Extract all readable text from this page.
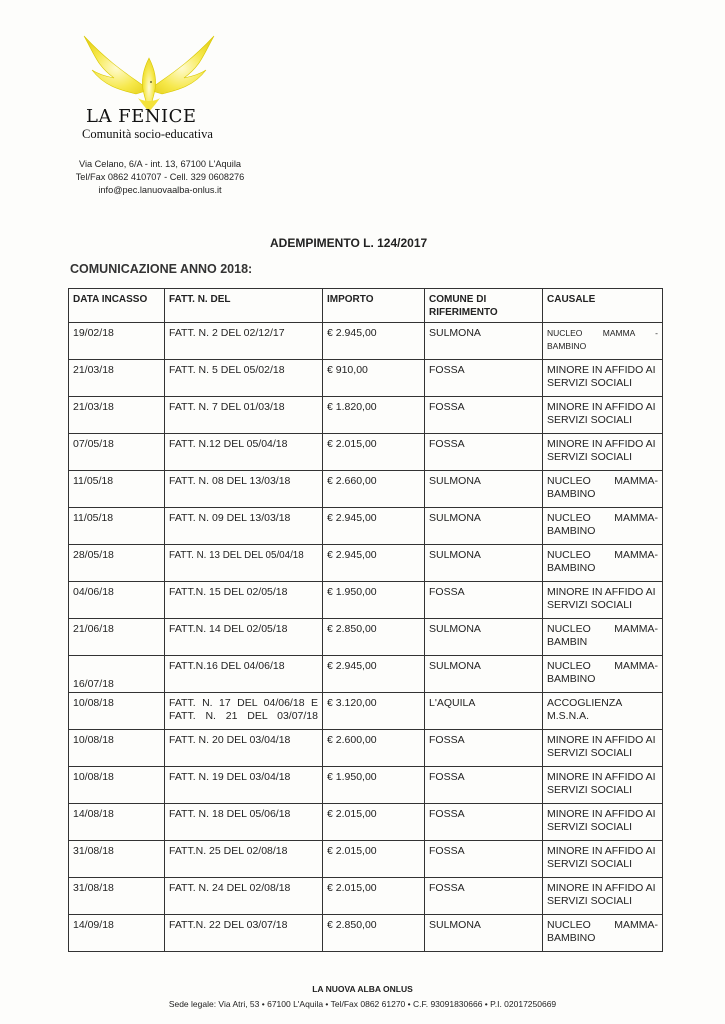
LA FENICE
Comunità socio-educativa
Via Celano, 6/A - int. 13, 67100 L'Aquila
Tel/Fax 0862 410707 - Cell. 329 0608276
info@pec.lanuovaalba-onlus.it
ADEMPIMENTO L. 124/2017
COMUNICAZIONE ANNO 2018:
DATA INCASSO	FATT. N. DEL	IMPORTO	COMUNE DI RIFERIMENTO	CAUSALE
19/02/18	FATT. N. 2 DEL 02/12/17	€ 2.945,00	SULMONA	NUCLEO MAMMA - BAMBINO
21/03/18	FATT. N. 5 DEL 05/02/18	€ 910,00	FOSSA	MINORE IN AFFIDO AI SERVIZI SOCIALI
21/03/18	FATT. N. 7 DEL 01/03/18	€ 1.820,00	FOSSA	MINORE IN AFFIDO AI SERVIZI SOCIALI
07/05/18	FATT. N.12 DEL 05/04/18	€ 2.015,00	FOSSA	MINORE IN AFFIDO AI SERVIZI SOCIALI
11/05/18	FATT. N. 08 DEL 13/03/18	€ 2.660,00	SULMONA	NUCLEO MAMMA-BAMBINO
11/05/18	FATT. N. 09 DEL 13/03/18	€ 2.945,00	SULMONA	NUCLEO MAMMA-BAMBINO
28/05/18	FATT. N. 13 DEL DEL 05/04/18	€ 2.945,00	SULMONA	NUCLEO MAMMA-BAMBINO
04/06/18	FATT.N. 15 DEL 02/05/18	€ 1.950,00	FOSSA	MINORE IN AFFIDO AI SERVIZI SOCIALI
21/06/18	FATT.N. 14 DEL 02/05/18	€ 2.850,00	SULMONA	NUCLEO MAMMA-BAMBIN
16/07/18	FATT.N.16 DEL 04/06/18	€ 2.945,00	SULMONA	NUCLEO MAMMA-BAMBINO
10/08/18	FATT. N. 17 DEL 04/06/18 E FATT. N. 21 DEL 03/07/18	€ 3.120,00	L'AQUILA	ACCOGLIENZA M.S.N.A.
10/08/18	FATT. N. 20 DEL 03/04/18	€ 2.600,00	FOSSA	MINORE IN AFFIDO AI SERVIZI SOCIALI
10/08/18	FATT. N. 19 DEL 03/04/18	€ 1.950,00	FOSSA	MINORE IN AFFIDO AI SERVIZI SOCIALI
14/08/18	FATT. N. 18 DEL 05/06/18	€ 2.015,00	FOSSA	MINORE IN AFFIDO AI SERVIZI SOCIALI
31/08/18	FATT.N. 25 DEL 02/08/18	€ 2.015,00	FOSSA	MINORE IN AFFIDO AI SERVIZI SOCIALI
31/08/18	FATT. N. 24 DEL 02/08/18	€ 2.015,00	FOSSA	MINORE IN AFFIDO AI SERVIZI SOCIALI
14/09/18	FATT.N. 22 DEL 03/07/18	€ 2.850,00	SULMONA	NUCLEO MAMMA-BAMBINO
LA NUOVA ALBA ONLUS
Sede legale: Via Atri, 53 • 67100 L'Aquila • Tel/Fax 0862 61270 • C.F. 93091830666 • P.I. 02017250669
